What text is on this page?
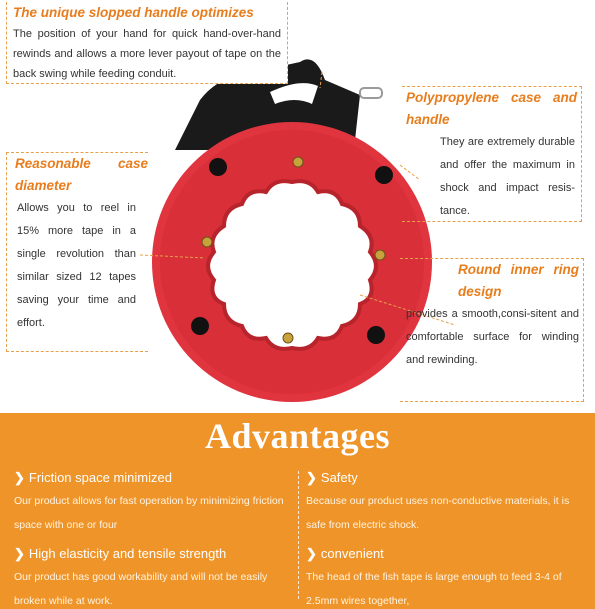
The unique slopped handle optimizes
The position of your hand for quick hand-over-hand rewinds and allows a more lever payout of tape on the back swing while feeding conduit.
Polypropylene case and handle
They are extremely durable and offer the maximum in shock and impact resis-tance.
Reasonable case diameter
Allows you to reel in 15% more tape in a single revolution than similar sized 12 tapes saving your time and effort.
Round inner ring design
provides a smooth,consi-sitent and comfortable surface for winding and rewinding.
Advantages
❯ Friction space minimized
Our product allows for fast operation by minimizing friction space with one or four
❯ High elasticity and tensile strength
Our product has good workability and will not be easily broken while at work.
❯ Safety
Because our product uses non-conductive materials, it is safe from electric shock.
❯ convenient
The head of the fish tape is large enough to feed 3-4 of 2.5mm wires together,
